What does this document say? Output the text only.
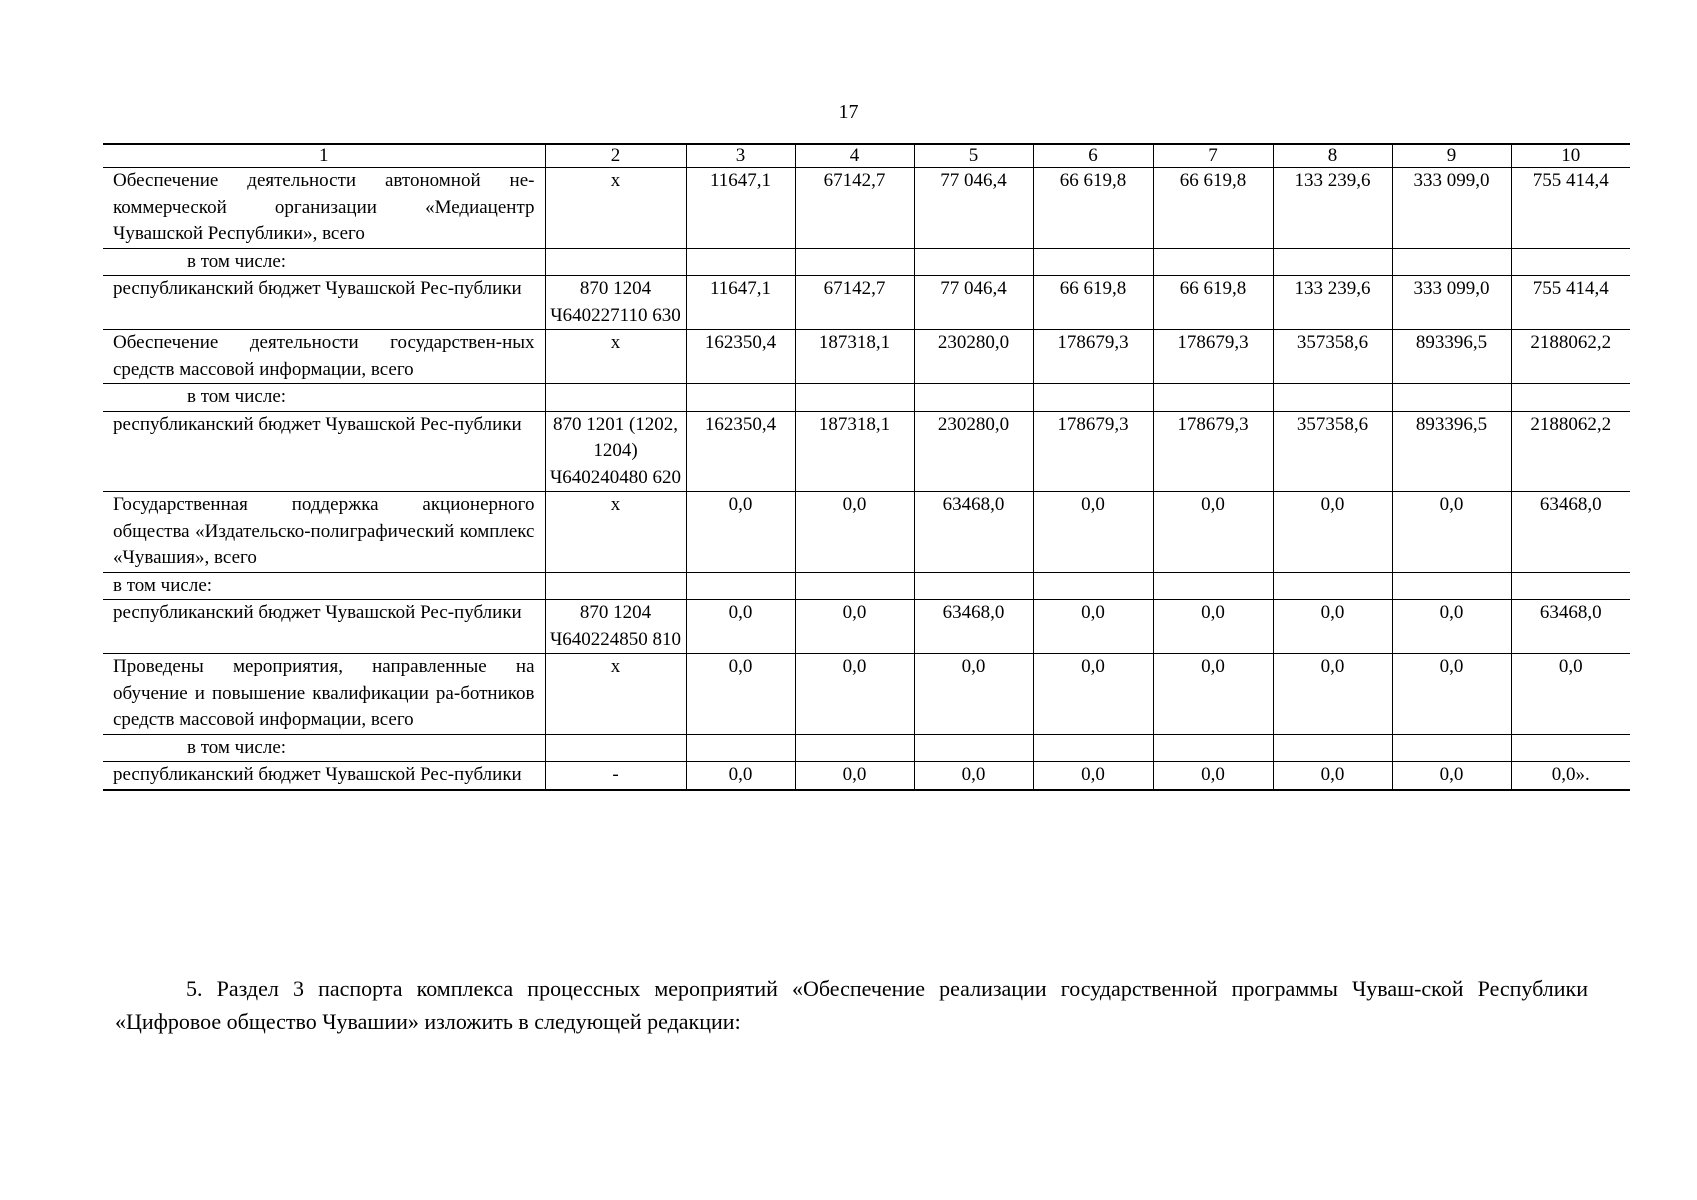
17
1	2	3	4	5	6	7	8	9	10
Обеспечение деятельности автономной не-коммерческой организации «Медиацентр Чувашской Республики», всего	x	11647,1	67142,7	77 046,4	66 619,8	66 619,8	133 239,6	333 099,0	755 414,4
в том числе:									
республиканский бюджет Чувашской Рес-публики	870 1204 Ч640227110 630	11647,1	67142,7	77 046,4	66 619,8	66 619,8	133 239,6	333 099,0	755 414,4
Обеспечение деятельности государствен-ных средств массовой информации, всего	x	162350,4	187318,1	230280,0	178679,3	178679,3	357358,6	893396,5	2188062,2
в том числе:									
республиканский бюджет Чувашской Рес-публики	870 1201 (1202, 1204) Ч640240480 620	162350,4	187318,1	230280,0	178679,3	178679,3	357358,6	893396,5	2188062,2
Государственная поддержка акционерного общества «Издательско-полиграфический комплекс «Чувашия», всего	x	0,0	0,0	63468,0	0,0	0,0	0,0	0,0	63468,0
в том числе:									
республиканский бюджет Чувашской Рес-публики	870 1204 Ч640224850 810	0,0	0,0	63468,0	0,0	0,0	0,0	0,0	63468,0
Проведены мероприятия, направленные на обучение и повышение квалификации ра-ботников средств массовой информации, всего	x	0,0	0,0	0,0	0,0	0,0	0,0	0,0	0,0
в том числе:									
республиканский бюджет Чувашской Рес-публики	-	0,0	0,0	0,0	0,0	0,0	0,0	0,0	0,0».

5. Раздел 3 паспорта комплекса процессных мероприятий «Обеспечение реализации государственной программы Чуваш-ской Республики «Цифровое общество Чувашии» изложить в следующей редакции:
